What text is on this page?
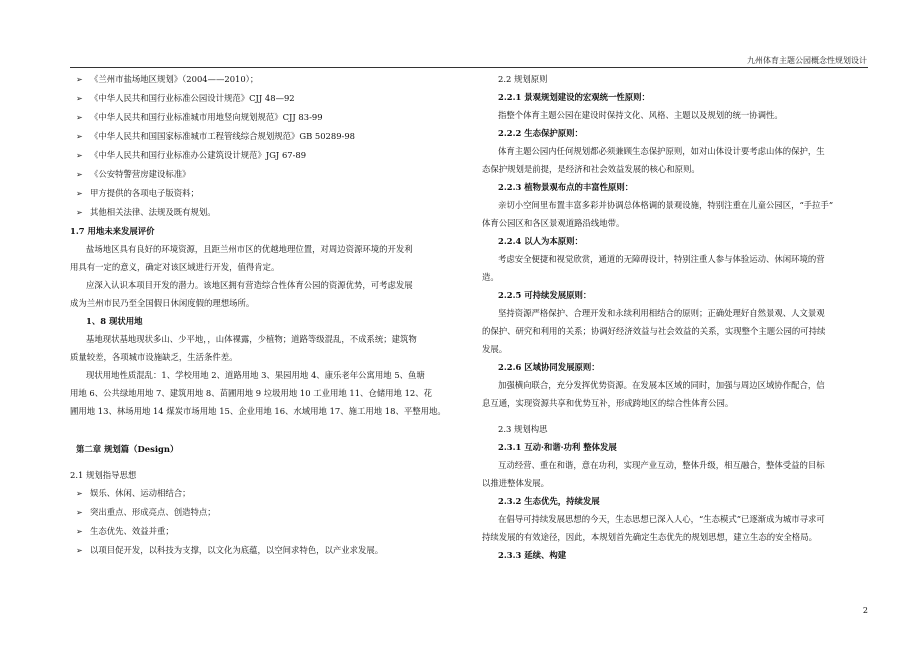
九州体育主题公园概念性规划设计
➢ 《兰州市盐场地区规划》（2004——2010）；
➢ 《中华人民共和国行业标准公园设计规范》CJJ 48—92
➢ 《中华人民共和国行业标准城市用地竖向规划规范》CJJ 83-99
➢ 《中华人民共和国国家标准城市工程管线综合规划规范》GB 50289-98
➢ 《中华人民共和国行业标准办公建筑设计规范》JGJ 67-89
➢ 《公安特警营房建设标准》
➢ 甲方提供的各项电子版资料；
➢ 其他相关法律、法规及既有规划。
1.7 用地未来发展评价
盐场地区具有良好的环境资源，且距兰州市区的优越地理位置，对周边资源环境的开发利
用具有一定的意义，确定对该区域进行开发，值得肯定。
应深入认识本项目开发的潜力。该地区拥有营造综合性体育公园的资源优势，可考虑发展
成为兰州市民乃至全国假日休闲度假的理想场所。
1、8 现状用地
基地现状基地现状多山、少平地，，山体裸露，少植物；道路等级混乱，不成系统；建筑物
质量较差，各项城市设施缺乏，生活条件差。
现状用地性质混乱：1、学校用地 2、道路用地 3、果园用地 4、康乐老年公寓用地 5、鱼塘
用地 6、公共绿地用地 7、建筑用地 8、苗圃用地 9 垃圾用地 10 工业用地 11、仓储用地 12、花
圃用地 13、林场用地 14 煤炭市场用地 15、企业用地 16、水域用地 17、施工用地 18、平整用地。
第二章 规划篇（Design）
2.1 规划指导思想
➢ 娱乐、休闲、运动相结合；
➢ 突出重点、形成亮点、创造特点；
➢ 生态优先、效益并重；
➢ 以项目促开发，以科技为支撑，以文化为底蕴，以空间求特色，以产业求发展。
2.2 规划原则
2.2.1 景观规划建设的宏观统一性原则：
指整个体育主题公园在建设时保持文化、风格、主题以及规划的统一协调性。
2.2.2 生态保护原则：
体育主题公园内任何规划都必须兼顾生态保护原则，如对山体设计要考虑山体的保护，生
态保护规划是前提，是经济和社会效益发展的核心和原则。
2.2.3 植物景观布点的丰富性原则：
亲切小空间里布置丰富多彩并协调总体格调的景观设施，特别注重在儿童公园区，“手拉手”
体育公园区和各区景观道路沿线地带。
2.2.4 以人为本原则：
考虑安全便捷和视觉欣赏，通道的无障碍设计，特别注重人参与体验运动、休闲环境的营
造。
2.2.5 可持续发展原则：
坚持资源严格保护、合理开发和永续利用相结合的原则；正确处理好自然景观、人文景观
的保护、研究和利用的关系；协调好经济效益与社会效益的关系，实现整个主题公园的可持续
发展。
2.2.6 区域协同发展原则：
加强横向联合，充分发挥优势资源。在发展本区域的同时，加强与周边区域协作配合，信
息互通，实现资源共享和优势互补，形成跨地区的综合性体育公园。
2.3 规划构思
2.3.1 互动·和谐·功利 整体发展
互动经营、重在和谐，意在功利，实现产业互动，整体升级，相互融合，整体受益的目标
以推进整体发展。
2.3.2 生态优先，持续发展
在倡导可持续发展思想的今天，生态思想已深入人心，“生态模式”已逐渐成为城市寻求可
持续发展的有效途径，因此，本规划首先确定生态优先的规划思想，建立生态的安全格局。
2.3.3 延续、构建
2
